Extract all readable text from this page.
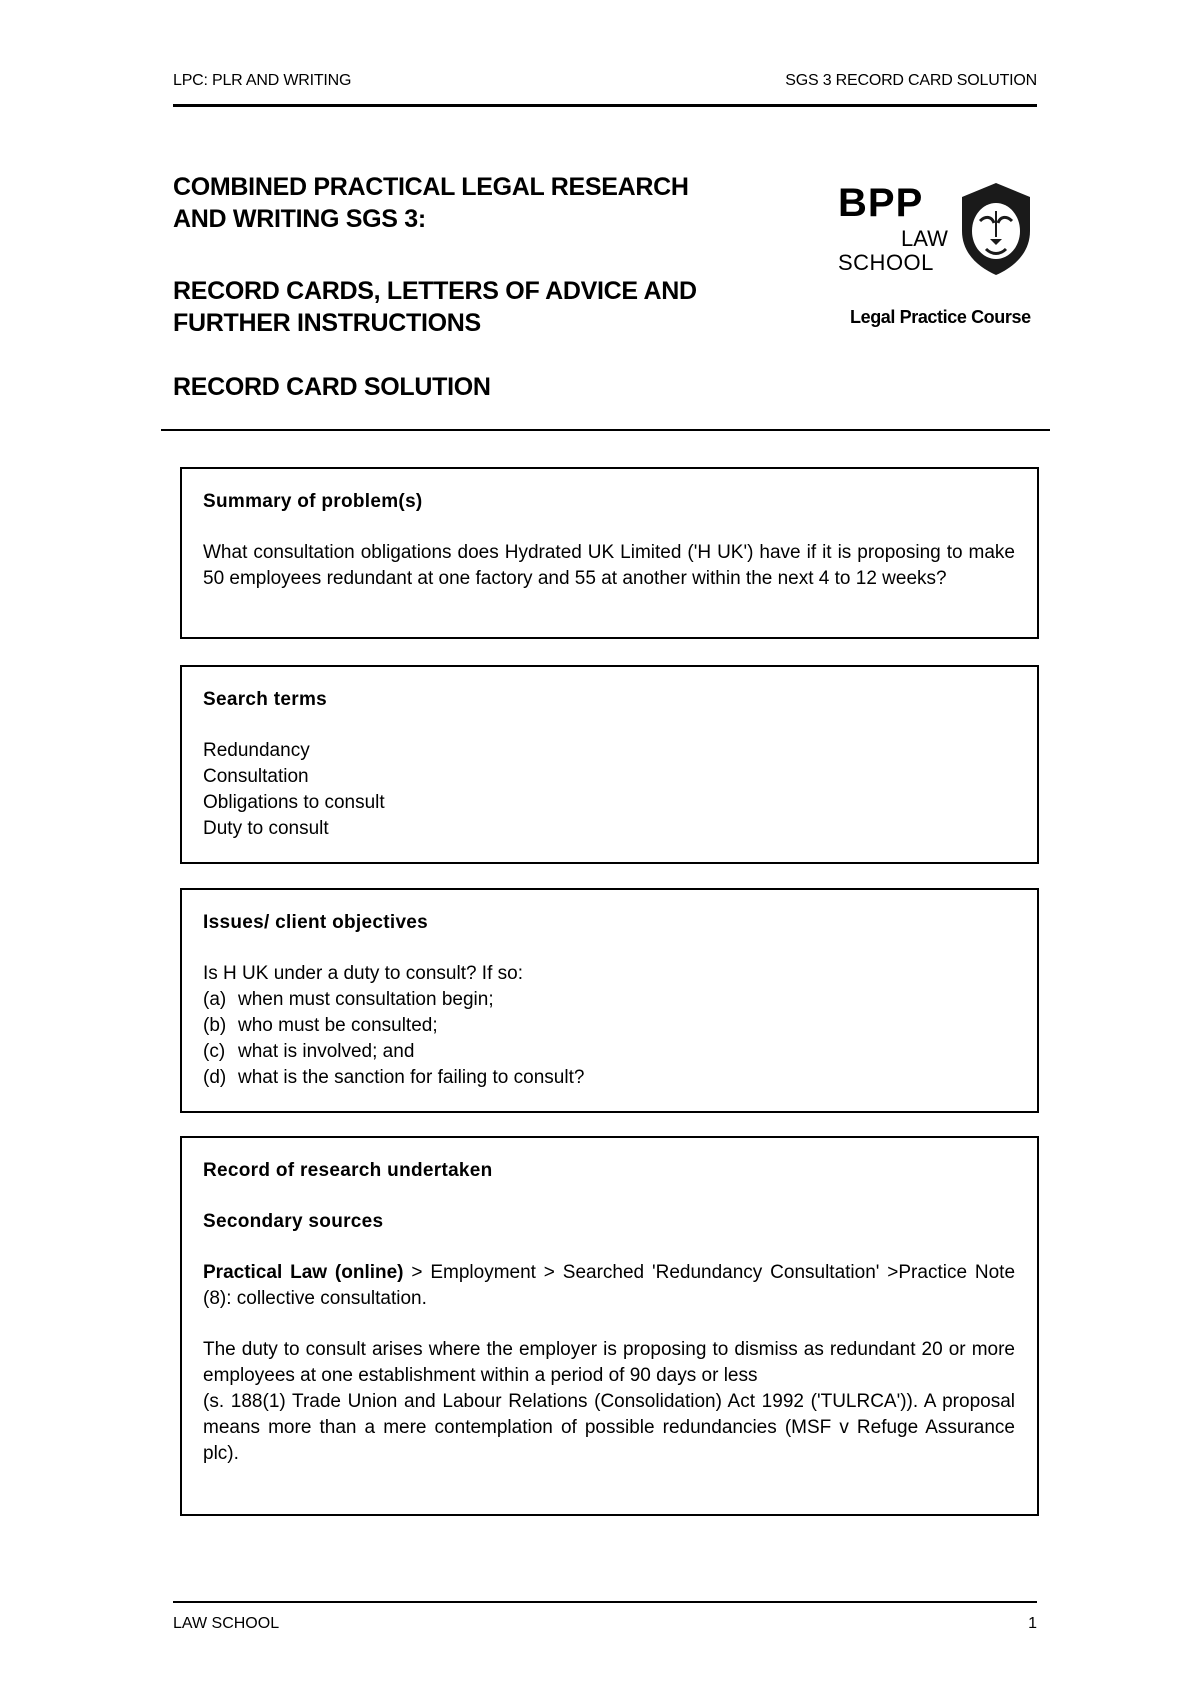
LPC: PLR AND WRITING	SGS 3 RECORD CARD SOLUTION
COMBINED PRACTICAL LEGAL RESEARCH
AND WRITING SGS 3:
RECORD CARDS, LETTERS OF ADVICE AND
FURTHER INSTRUCTIONS
RECORD CARD SOLUTION
BPP
LAW
SCHOOL
Legal Practice Course

Summary of problem(s)

What consultation obligations does Hydrated UK Limited ('H UK') have if it is proposing to make 50 employees redundant at one factory and 55 at another within the next 4 to 12 weeks?

Search terms

Redundancy
Consultation
Obligations to consult
Duty to consult

Issues/ client objectives

Is H UK under a duty to consult? If so:
(a) when must consultation begin;
(b) who must be consulted;
(c) what is involved; and
(d) what is the sanction for failing to consult?

Record of research undertaken

Secondary sources

Practical Law (online) > Employment > Searched 'Redundancy Consultation' >Practice Note (8): collective consultation.

The duty to consult arises where the employer is proposing to dismiss as redundant 20 or more employees at one establishment within a period of 90 days or less

(s. 188(1) Trade Union and Labour Relations (Consolidation) Act 1992 ('TULRCA')). A proposal means more than a mere contemplation of possible redundancies (MSF v Refuge Assurance plc).

LAW SCHOOL	1
